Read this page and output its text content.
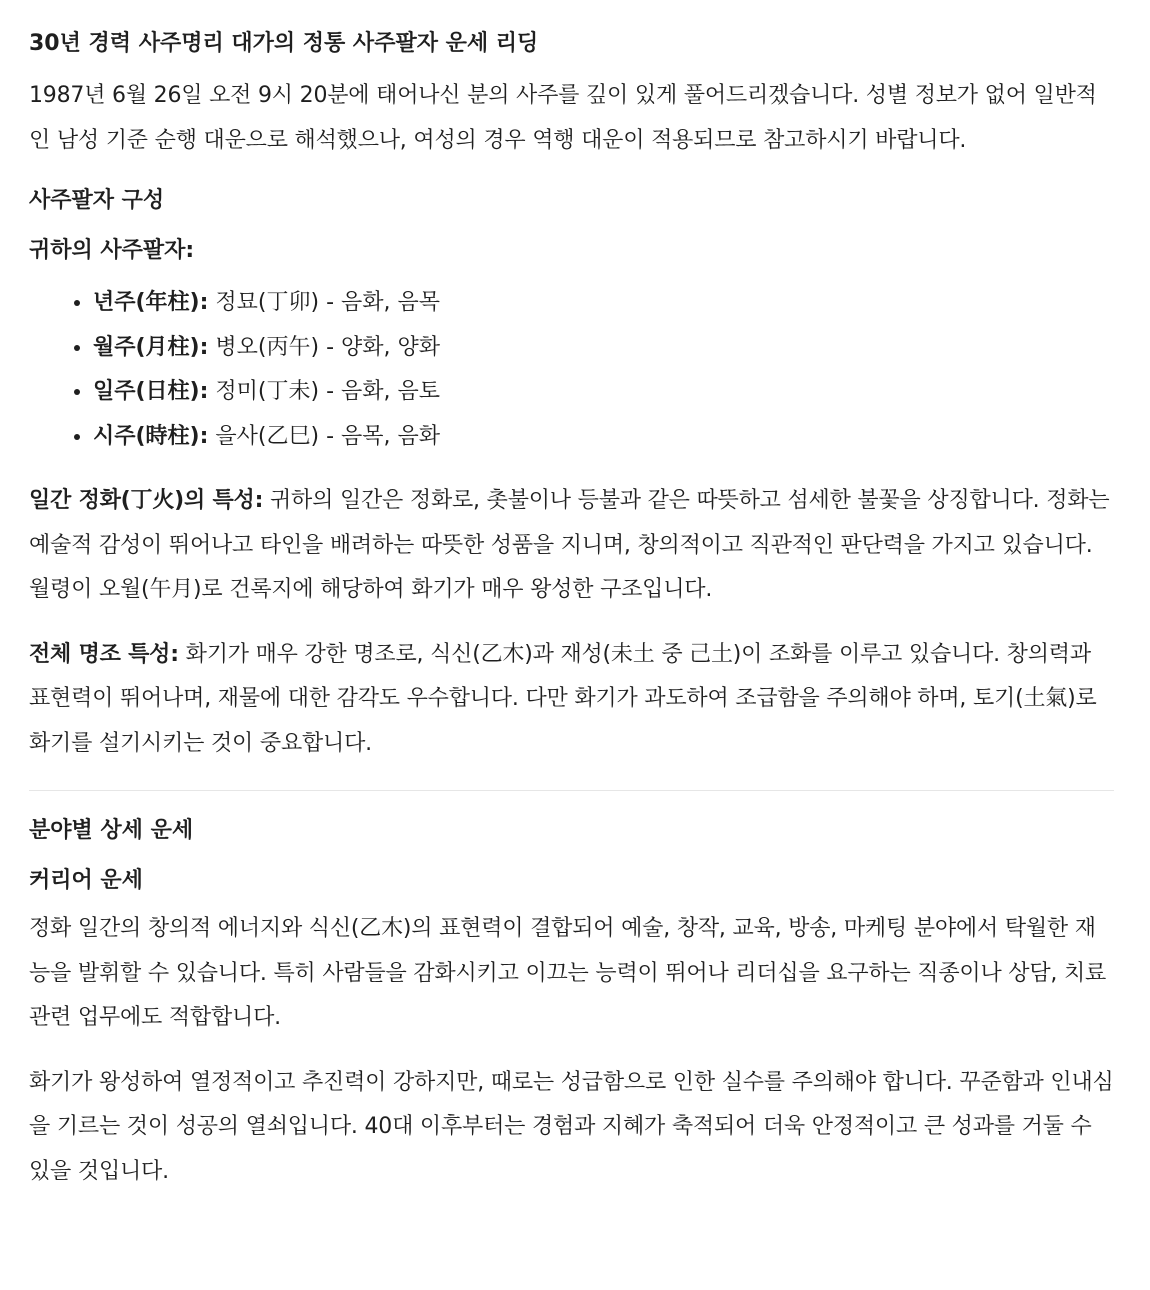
30년 경력 사주명리 대가의 정통 사주팔자 운세 리딩

1987년 6월 26일 오전 9시 20분에 태어나신 분의 사주를 깊이 있게 풀어드리겠습니다. 성별 정보가 없어 일반적인 남성 기준 순행 대운으로 해석했으나, 여성의 경우 역행 대운이 적용되므로 참고하시기 바랍니다.

사주팔자 구성
귀하의 사주팔자:
• 년주(年柱): 정묘(丁卯) - 음화, 음목
• 월주(月柱): 병오(丙午) - 양화, 양화
• 일주(日柱): 정미(丁未) - 음화, 음토
• 시주(時柱): 을사(乙巳) - 음목, 음화

일간 정화(丁火)의 특성: 귀하의 일간은 정화로, 촛불이나 등불과 같은 따뜻하고 섬세한 불꽃을 상징합니다. 정화는 예술적 감성이 뛰어나고 타인을 배려하는 따뜻한 성품을 지니며, 창의적이고 직관적인 판단력을 가지고 있습니다. 월령이 오월(午月)로 건록지에 해당하여 화기가 매우 왕성한 구조입니다.

전체 명조 특성: 화기가 매우 강한 명조로, 식신(乙木)과 재성(未土 중 己土)이 조화를 이루고 있습니다. 창의력과 표현력이 뛰어나며, 재물에 대한 감각도 우수합니다. 다만 화기가 과도하여 조급함을 주의해야 하며, 토기(土氣)로 화기를 설기시키는 것이 중요합니다.

분야별 상세 운세
커리어 운세

정화 일간의 창의적 에너지와 식신(乙木)의 표현력이 결합되어 예술, 창작, 교육, 방송, 마케팅 분야에서 탁월한 재능을 발휘할 수 있습니다. 특히 사람들을 감화시키고 이끄는 능력이 뛰어나 리더십을 요구하는 직종이나 상담, 치료 관련 업무에도 적합합니다.

화기가 왕성하여 열정적이고 추진력이 강하지만, 때로는 성급함으로 인한 실수를 주의해야 합니다. 꾸준함과 인내심을 기르는 것이 성공의 열쇠입니다. 40대 이후부터는 경험과 지혜가 축적되어 더욱 안정적이고 큰 성과를 거둘 수 있을 것입니다.
